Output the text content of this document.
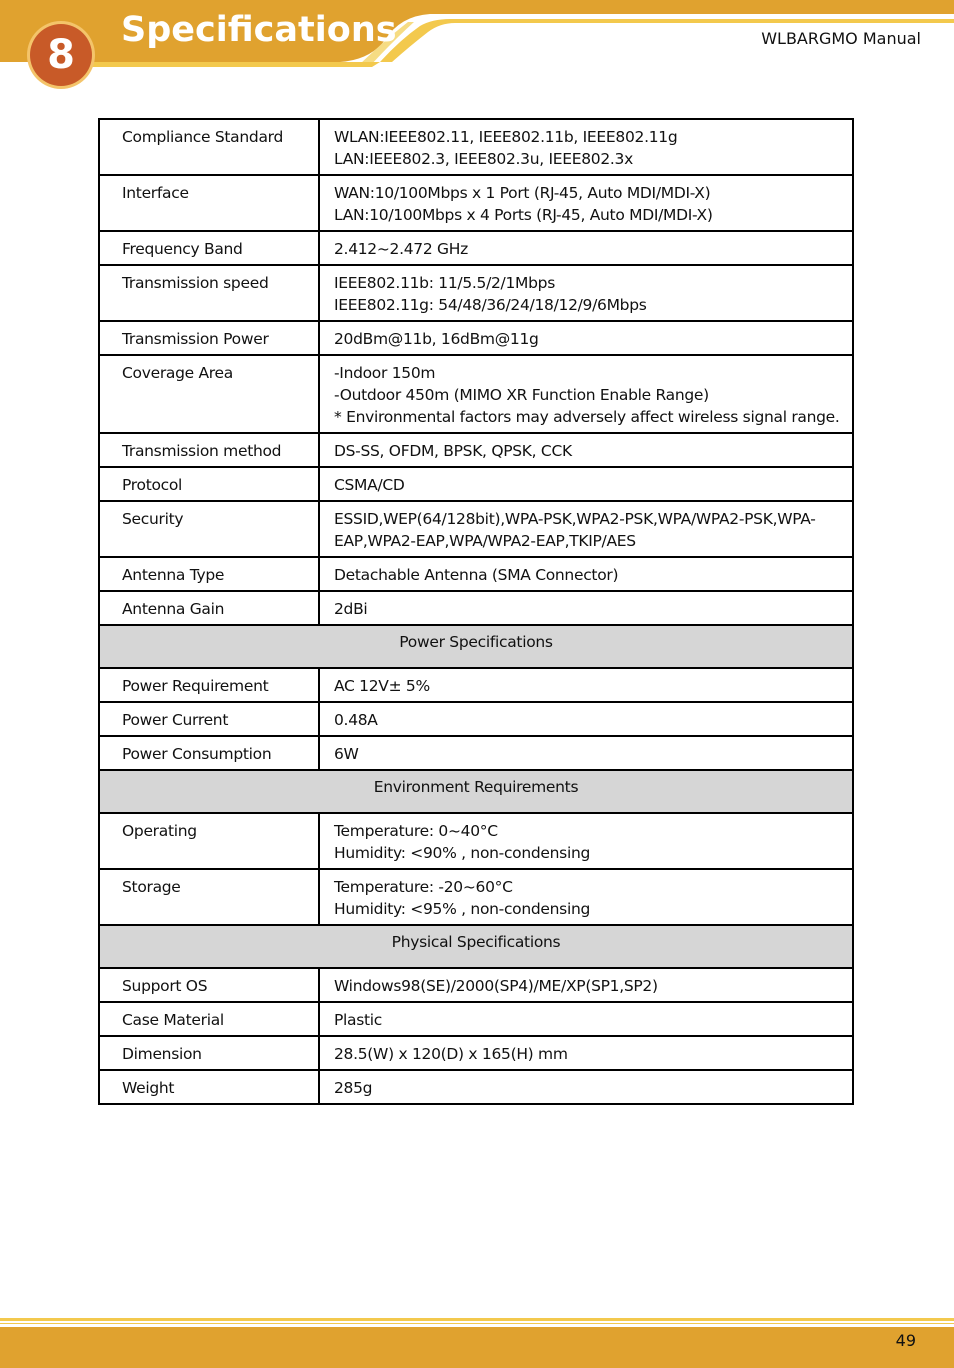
8
Specifications	WLBARGMO Manual
Compliance Standard	WLAN:IEEE802.11, IEEE802.11b, IEEE802.11g
LAN:IEEE802.3, IEEE802.3u, IEEE802.3x

Interface	WAN:10/100Mbps x 1 Port (RJ-45, Auto MDI/MDI-X)
LAN:10/100Mbps x 4 Ports (RJ-45, Auto MDI/MDI-X)

Frequency Band	2.412~2.472 GHz

Transmission speed	IEEE802.11b: 11/5.5/2/1Mbps
IEEE802.11g: 54/48/36/24/18/12/9/6Mbps

Transmission Power	20dBm@11b, 16dBm@11g

Coverage Area	-Indoor 150m
-Outdoor 450m (MIMO XR Function Enable Range)
* Environmental factors may adversely affect wireless signal range.

Transmission method	DS-SS, OFDM, BPSK, QPSK, CCK

Protocol	CSMA/CD

Security	ESSID,WEP(64/128bit),WPA-PSK,WPA2-PSK,WPA/WPA2-PSK,WPA-
EAP,WPA2-EAP,WPA/WPA2-EAP,TKIP/AES

Antenna Type	Detachable Antenna (SMA Connector)

Antenna Gain	2dBi

Power Specifications	
Power Requirement	AC 12V± 5%

Power Current	0.48A

Power Consumption	6W

Environment Requirements	
Operating	Temperature: 0~40°C
Humidity: <90% , non-condensing

Storage	Temperature: -20~60°C
Humidity: <95% , non-condensing

Physical Specifications	
Support OS	Windows98(SE)/2000(SP4)/ME/XP(SP1,SP2)

Case Material	Plastic

Dimension	28.5(W) x 120(D) x 165(H) mm

Weight	285g
49
